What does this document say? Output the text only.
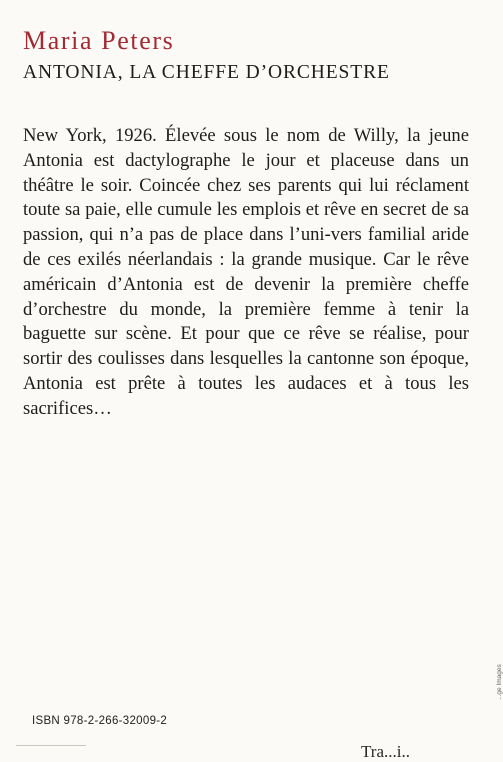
Maria Peters
ANTONIA, LA CHEFFE D’ORCHESTRE

New York, 1926. Élevée sous le nom de Willy, la jeune Antonia est dactylographe le jour et placeuse dans un théâtre le soir. Coincée chez ses parents qui lui réclament toute sa paie, elle cumule les emplois et rêve en secret de sa passion, qui n’a pas de place dans l’uni-vers familial aride de ces exilés néerlandais : la grande musique. Car le rêve américain d’Antonia est de devenir la première cheffe d’orchestre du monde, la première femme à tenir la baguette sur scène. Et pour que ce rêve se réalise, pour sortir des coulisses dans lesquelles la cantonne son époque, Antonia est prête à toutes les audaces et à tous les sacrifices…

ISBN 978-2-266-32009-2
...ge Images
Tra...i..
